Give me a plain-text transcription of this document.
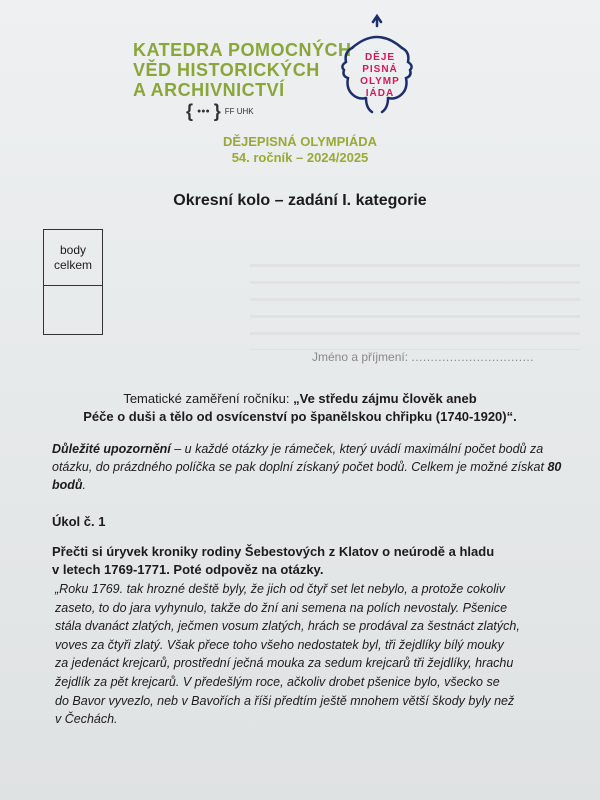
KATEDRA POMOCNÝCH
VĚD HISTORICKÝCH
A ARCHIVNICTVÍ
{ ●●● } FF UHK
DĚJE
PISNÁ
OLYMP
IÁDA
DĚJEPISNÁ OLYMPIÁDA
54. ročník – 2024/2025
Okresní kolo – zadání I. kategorie
body
celkem
Jméno a příjmení: ................................
Tematické zaměření ročníku: „Ve středu zájmu člověk aneb
Péče o duši a tělo od osvícenství po španělskou chřipku (1740-1920)“.
Důležité upozornění – u každé otázky je rámeček, který uvádí maximální počet bodů za otázku, do prázdného políčka se pak doplní získaný počet bodů. Celkem je možné získat 80 bodů.
Úkol č. 1
Přečti si úryvek kroniky rodiny Šebestových z Klatov o neúrodě a hladu
v letech 1769-1771. Poté odpověz na otázky.
„Roku 1769. tak hrozné deště byly, že jich od čtyř set let nebylo, a protože cokoliv
zaseto, to do jara vyhynulo, takže do žní ani semena na polích nevostaly. Pšenice
stála dvanáct zlatých, ječmen vosum zlatých, hrách se prodával za šestnáct zlatých,
voves za čtyři zlatý. Však přece toho všeho nedostatek byl, tři žejdlíky bílý mouky
za jedenáct krejcarů, prostřední ječná mouka za sedum krejcarů tři žejdlíky, hrachu
žejdlík za pět krejcarů. V předešlým roce, ačkoliv drobet pšenice bylo, všecko se
do Bavor vyvezlo, neb v Bavořích a říši předtím ještě mnohem větší škody byly než
v Čechách.
